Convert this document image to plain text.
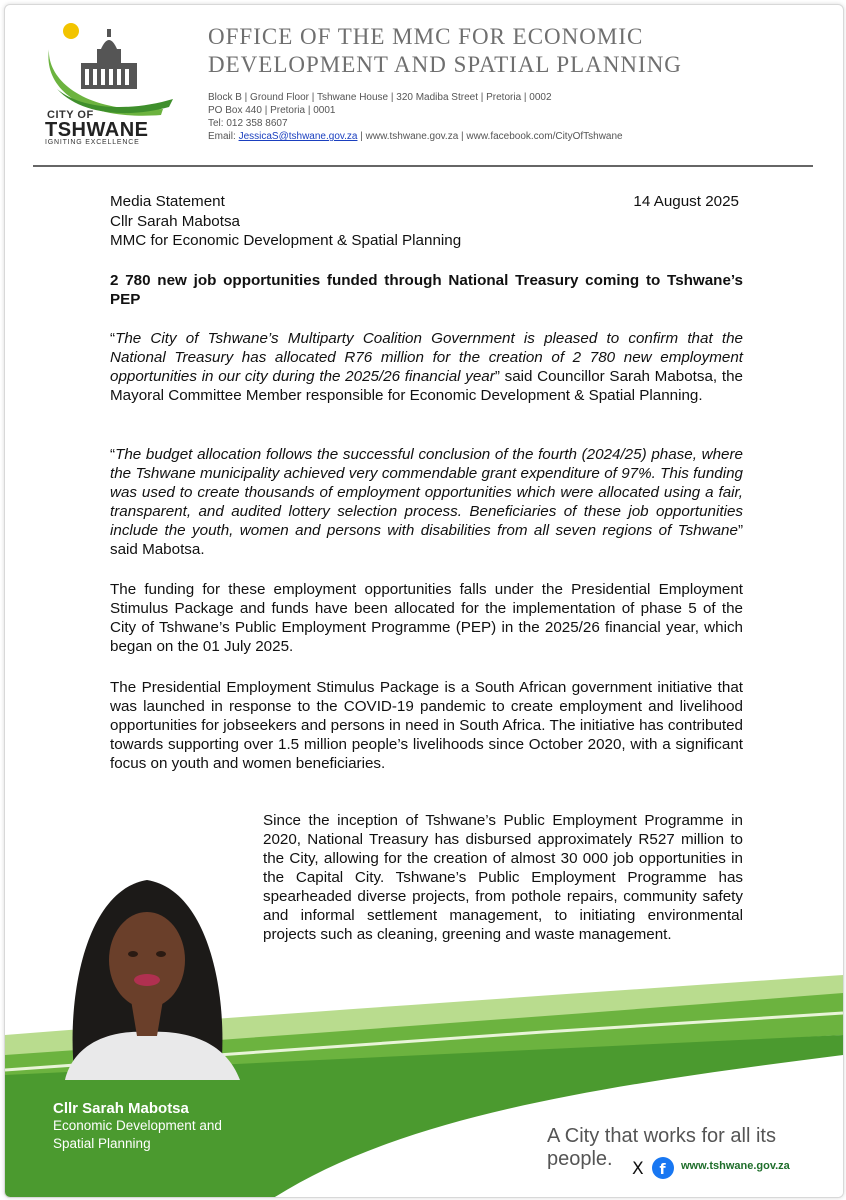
CITY OF
TSHWANE
IGNITING EXCELLENCE
OFFICE OF THE MMC FOR ECONOMIC
DEVELOPMENT AND SPATIAL PLANNING
Block B | Ground Floor | Tshwane House | 320 Madiba Street | Pretoria | 0002
PO Box 440 | Pretoria | 0001
Tel: 012 358 8607
Email: JessicaS@tshwane.gov.za | www.tshwane.gov.za | www.facebook.com/CityOfTshwane
Media Statement
Cllr Sarah Mabotsa
MMC for Economic Development & Spatial Planning
14 August 2025
2 780 new job opportunities funded through National Treasury coming to Tshwane’s PEP
“The City of Tshwane’s Multiparty Coalition Government is pleased to confirm that the National Treasury has allocated R76 million for the creation of 2 780 new employment opportunities in our city during the 2025/26 financial year” said Councillor Sarah Mabotsa, the Mayoral Committee Member responsible for Economic Development & Spatial Planning.
“The budget allocation follows the successful conclusion of the fourth (2024/25) phase, where the Tshwane municipality achieved very commendable grant expenditure of 97%. This funding was used to create thousands of employment opportunities which were allocated using a fair, transparent, and audited lottery selection process. Beneficiaries of these job opportunities include the youth, women and persons with disabilities from all seven regions of Tshwane” said Mabotsa.
The funding for these employment opportunities falls under the Presidential Employment Stimulus Package and funds have been allocated for the implementation of phase 5 of the City of Tshwane’s Public Employment Programme (PEP) in the 2025/26 financial year, which began on the 01 July 2025.
The Presidential Employment Stimulus Package is a South African government initiative that was launched in response to the COVID-19 pandemic to create employment and livelihood opportunities for jobseekers and persons in need in South Africa. The initiative has contributed towards supporting over 1.5 million people’s livelihoods since October 2020, with a significant focus on youth and women beneficiaries.
Since the inception of Tshwane’s Public Employment Programme in 2020, National Treasury has disbursed approximately R527 million to the City, allowing for the creation of almost 30 000 job opportunities in the Capital City. Tshwane’s Public Employment Programme has spearheaded diverse projects, from pothole repairs, community safety and informal settlement management, to initiating environmental projects such as cleaning, greening and waste management.
Cllr Sarah Mabotsa
Economic Development and
Spatial Planning	A City that works for all its people.	X f www.tshwane.gov.za
